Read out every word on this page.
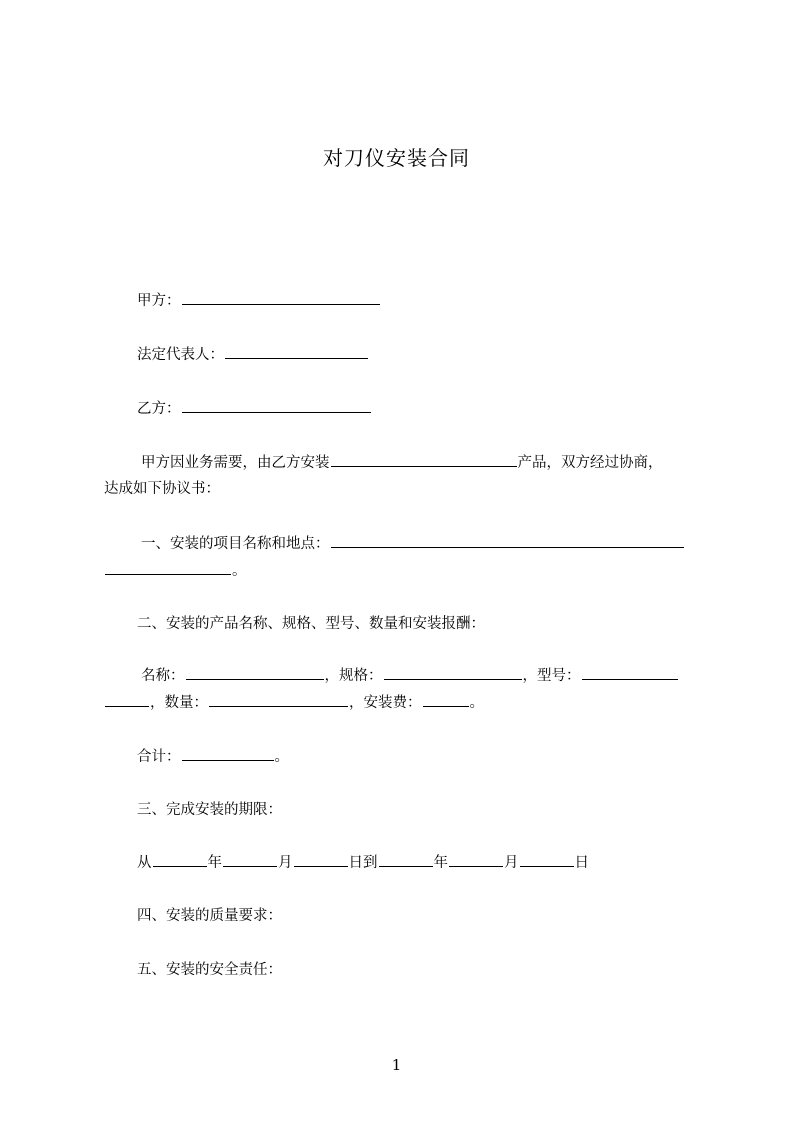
对刀仪安装合同
甲方：
法定代表人：
乙方：
甲方因业务需要，由乙方安装	产品，双方经过协商，
达成如下协议书：
一、安装的项目名称和地点：
。
二、安装的产品名称、规格、型号、数量和安装报酬：
名称：	，规格：	，型号：
，数量：	，安装费：	。
合计：	。
三、完成安装的期限：
从	年	月	日到	年	月	日
四、安装的质量要求：
五、安装的安全责任：
1
